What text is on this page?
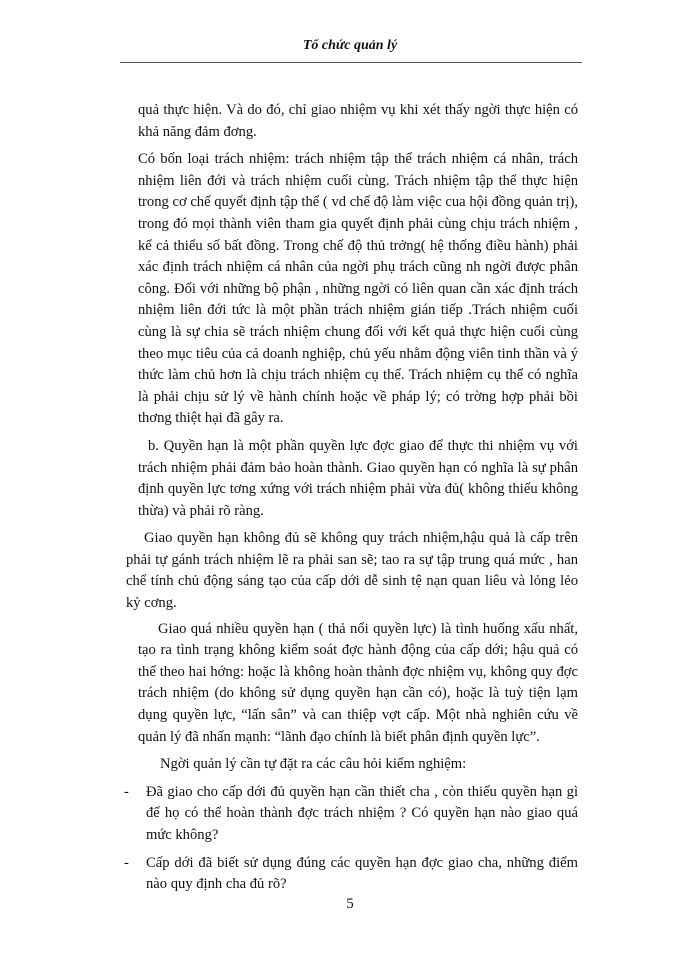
Tổ chức quản lý

quả thực hiện. Và do đó, chỉ giao nhiệm vụ khi xét thấy ngời thực hiện có khả năng đảm đơng.

Có bốn loại trách nhiệm: trách nhiệm tập thể trách nhiệm cá nhân, trách nhiệm liên đới và trách nhiệm cuối cùng. Trách nhiệm tập thể thực hiện trong cơ chế quyết định tập thể ( vd chế độ làm việc cua hội đồng quản trị), trong đó mọi thành viên tham gia quyết định phải cùng chịu trách nhiệm , kể cả thiểu số bất đồng. Trong chế độ thủ trởng( hệ thống điều hành) phải xác định trách nhiệm cá nhân của ngời phụ trách cũng nh ngời được phân công. Đối với những bộ phận , những ngời có liên quan cần xác định trách nhiệm liên đới tức là một phần trách nhiệm gián tiếp .Trách nhiệm cuối cùng là sự chia sẽ trách nhiệm chung đối với kết quả thực hiện cuối cùng theo mục tiêu của cả doanh nghiệp, chủ yếu nhằm động viên tinh thần và ý thức làm chủ hơn là chịu trách nhiệm cụ thể. Trách nhiệm cụ thể có nghĩa là phải chịu sử lý về hành chính hoặc về pháp lý; có trờng hợp phải bồi thơng thiệt hại đã gây ra.

b. Quyền hạn là một phần quyền lực đợc giao để thực thi nhiệm vụ với trách nhiệm phải đảm bảo hoàn thành. Giao quyền hạn có nghĩa là sự phân định quyền lực tơng xứng với trách nhiệm phải vừa đủ( không thiếu không thừa) và phải rõ ràng.

Giao quyền hạn không đủ sẽ không quy trách nhiệm,hậu quả là cấp trên phải tự gánh trách nhiệm lẽ ra phải san sẽ; tao ra sự tập trung quá mức , han chế tính chủ động sáng tạo của cấp dới dễ sinh tệ nạn quan liêu và lỏng lẻo kỷ cơng.

Giao quá nhiều quyền hạn ( thả nổi quyền lực) là tình huống xấu nhất, tạo ra tình trạng không kiểm soát đợc hành động của cấp dới; hậu quả có thể theo hai hớng: hoặc là không hoàn thành đợc nhiệm vụ, không quy đợc trách nhiệm (do không sử dụng quyền hạn cần có), hoặc là tuỳ tiện lạm dụng quyền lực, “lấn sân” và can thiệp vợt cấp. Một nhà nghiên cứu về quản lý đã nhấn mạnh: “lãnh đạo chính là biết phân định quyền lực”.

Ngời quản lý cần tự đặt ra các câu hỏi kiểm nghiệm:

- Đã giao cho cấp dới đủ quyền hạn cần thiết cha , còn thiếu quyền hạn gì để họ có thể hoàn thành đợc trách nhiệm ? Có quyền hạn nào giao quá mức không?
- Cấp dới đã biết sử dụng đúng các quyền hạn đợc giao cha, những điểm nào quy định cha đủ rõ?
5
